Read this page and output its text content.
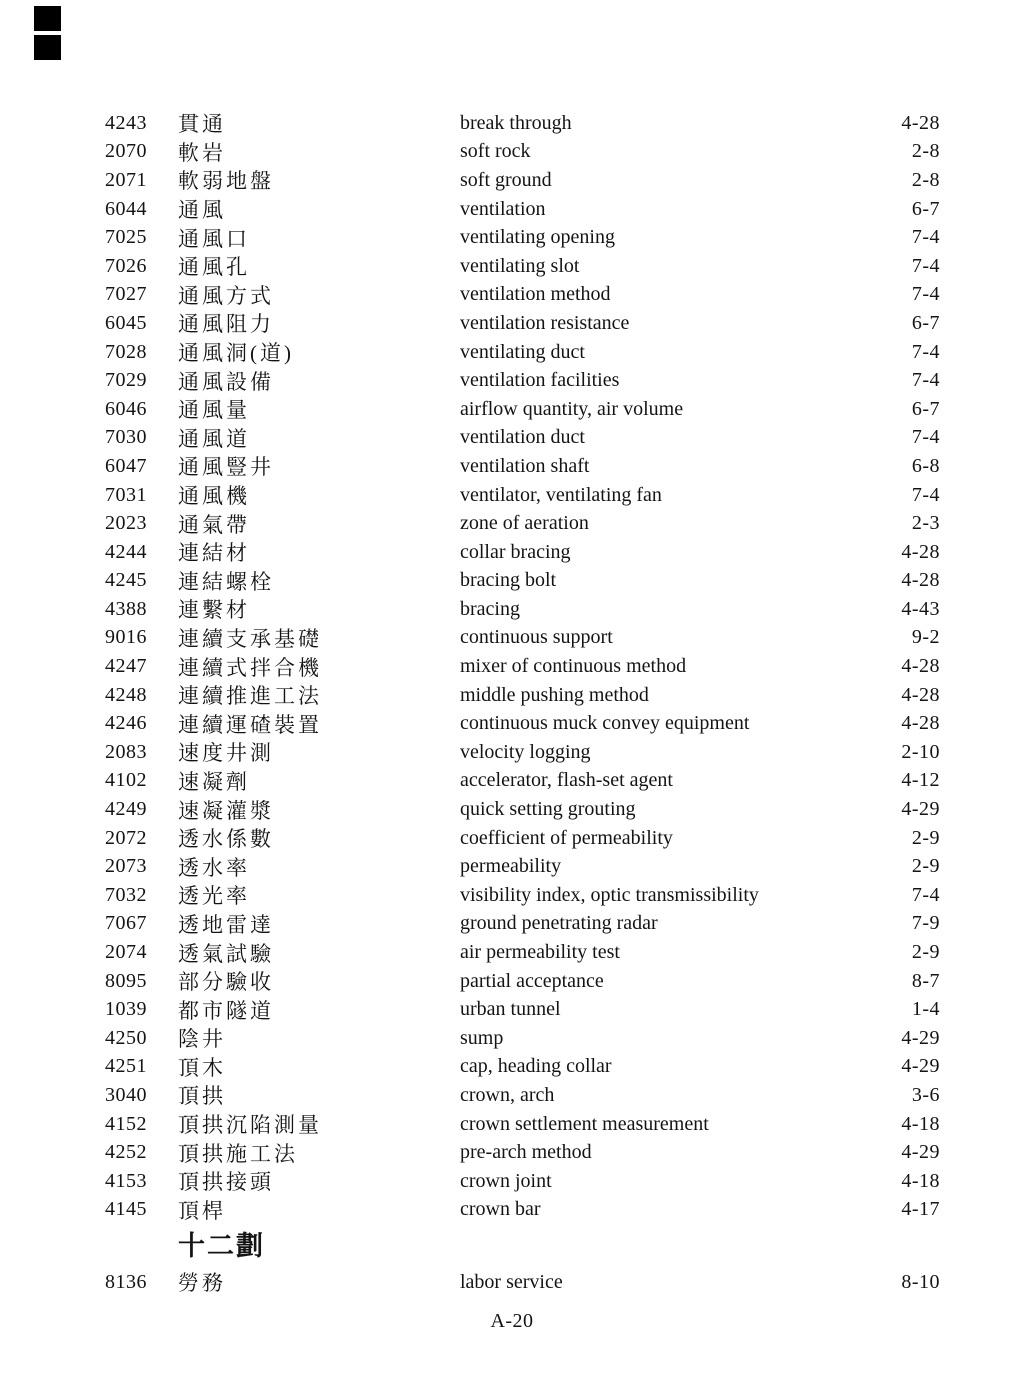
4243	貫通	break through	4-28
2070	軟岩	soft rock	2-8
2071	軟弱地盤	soft ground	2-8
6044	通風	ventilation	6-7
7025	通風口	ventilating opening	7-4
7026	通風孔	ventilating slot	7-4
7027	通風方式	ventilation method	7-4
6045	通風阻力	ventilation resistance	6-7
7028	通風洞(道)	ventilating duct	7-4
7029	通風設備	ventilation facilities	7-4
6046	通風量	airflow quantity, air volume	6-7
7030	通風道	ventilation duct	7-4
6047	通風豎井	ventilation shaft	6-8
7031	通風機	ventilator, ventilating fan	7-4
2023	通氣帶	zone of aeration	2-3
4244	連結材	collar bracing	4-28
4245	連結螺栓	bracing bolt	4-28
4388	連繫材	bracing	4-43
9016	連續支承基礎	continuous support	9-2
4247	連續式拌合機	mixer of continuous method	4-28
4248	連續推進工法	middle pushing method	4-28
4246	連續運碴裝置	continuous muck convey equipment	4-28
2083	速度井測	velocity logging	2-10
4102	速凝劑	accelerator, flash-set agent	4-12
4249	速凝灌漿	quick setting grouting	4-29
2072	透水係數	coefficient of permeability	2-9
2073	透水率	permeability	2-9
7032	透光率	visibility index, optic transmissibility	7-4
7067	透地雷達	ground penetrating radar	7-9
2074	透氣試驗	air permeability test	2-9
8095	部分驗收	partial acceptance	8-7
1039	都市隧道	urban tunnel	1-4
4250	陰井	sump	4-29
4251	頂木	cap, heading collar	4-29
3040	頂拱	crown, arch	3-6
4152	頂拱沉陷測量	crown settlement measurement	4-18
4252	頂拱施工法	pre-arch method	4-29
4153	頂拱接頭	crown joint	4-18
4145	頂桿	crown bar	4-17
十二劃
8136	勞務	labor service	8-10
A-20
